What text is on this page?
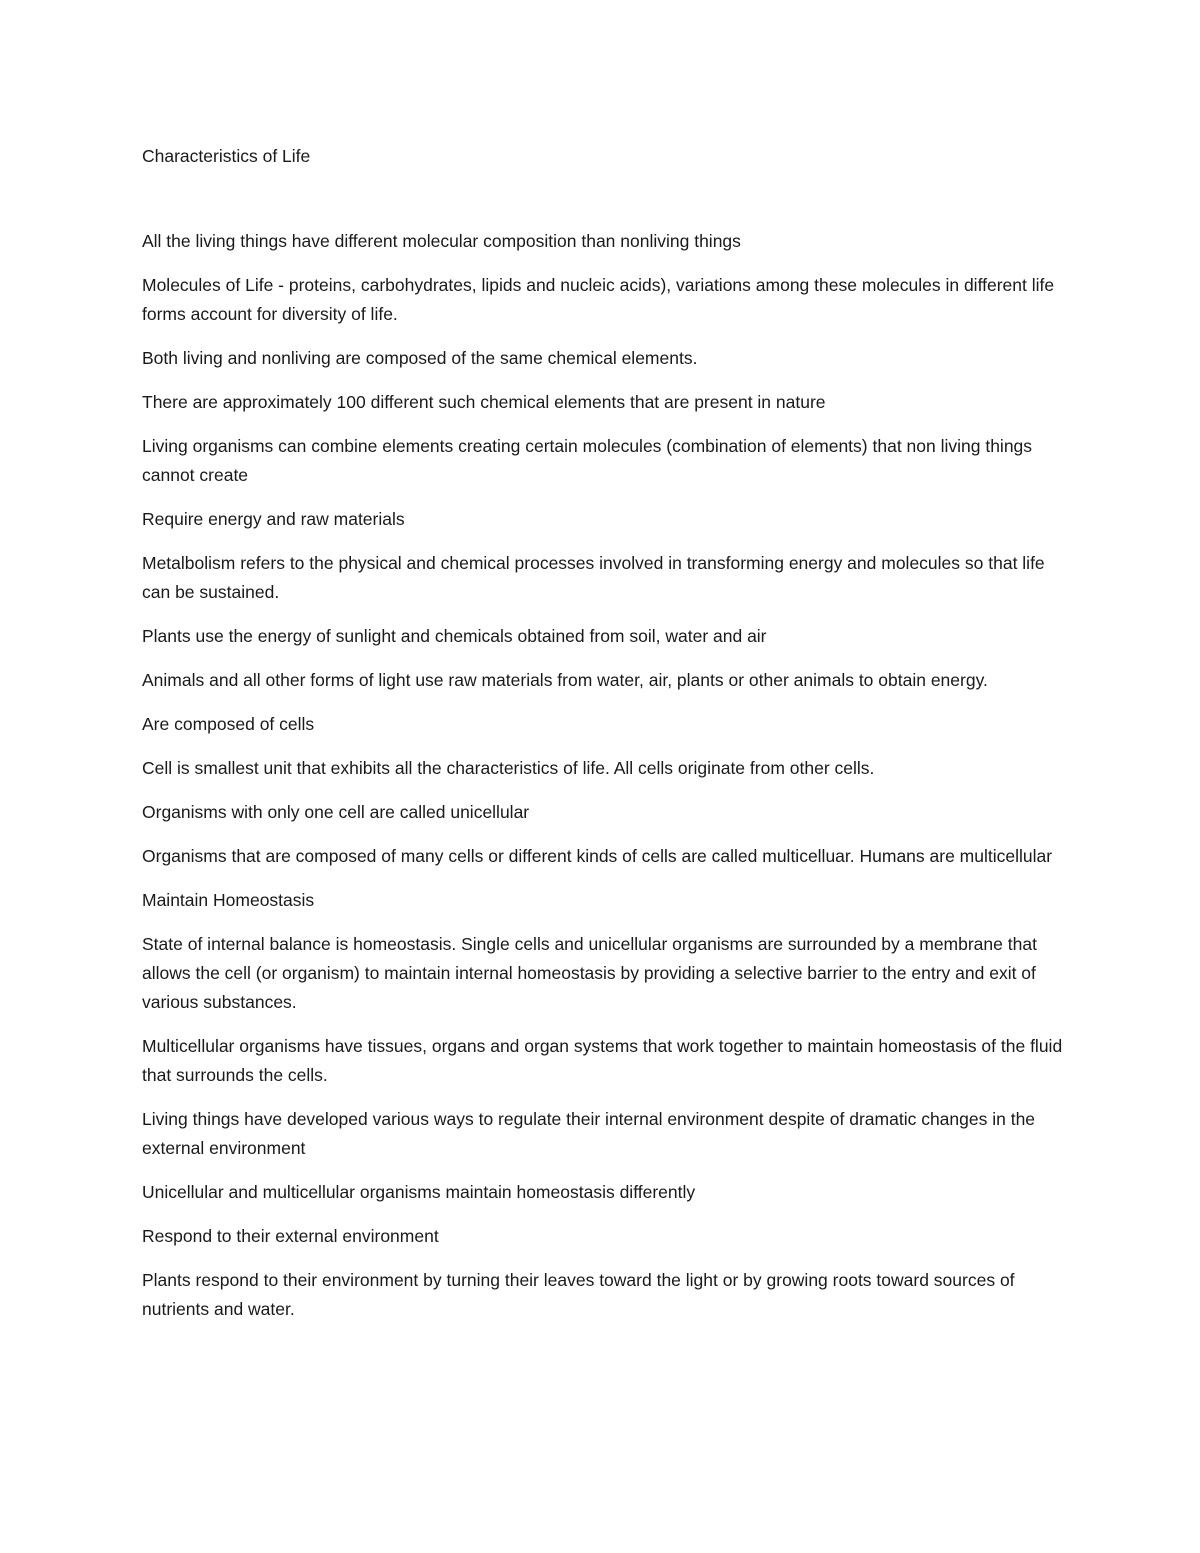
Characteristics of Life

All the living things have different molecular composition than nonliving things

Molecules of Life - proteins, carbohydrates, lipids and nucleic acids), variations among these molecules in different life forms account for diversity of life.

Both living and nonliving are composed of the same chemical elements.

There are approximately 100 different such chemical elements that are present in nature

Living organisms can combine elements creating certain molecules (combination of elements) that non living things cannot create

Require energy and raw materials

Metalbolism refers to the physical and chemical processes involved in transforming energy and molecules so that life can be sustained.

Plants use the energy of sunlight and chemicals obtained from soil, water and air

Animals and all other forms of light use raw materials from water, air, plants or other animals to obtain energy.

Are composed of cells

Cell is smallest unit that exhibits all the characteristics of life. All cells originate from other cells.

Organisms with only one cell are called unicellular

Organisms that are composed of many cells or different kinds of cells are called multicelluar. Humans are multicellular

Maintain Homeostasis

State of internal balance is homeostasis. Single cells and unicellular organisms are surrounded by a membrane that allows the cell (or organism) to maintain internal homeostasis by providing a selective barrier to the entry and exit of various substances.

Multicellular organisms have tissues, organs and organ systems that work together to maintain homeostasis of the fluid that surrounds the cells.

Living things have developed various ways to regulate their internal environment despite of dramatic changes in the external environment

Unicellular and multicellular organisms maintain homeostasis differently

Respond to their external environment

Plants respond to their environment by turning their leaves toward the light or by growing roots toward sources of nutrients and water.
